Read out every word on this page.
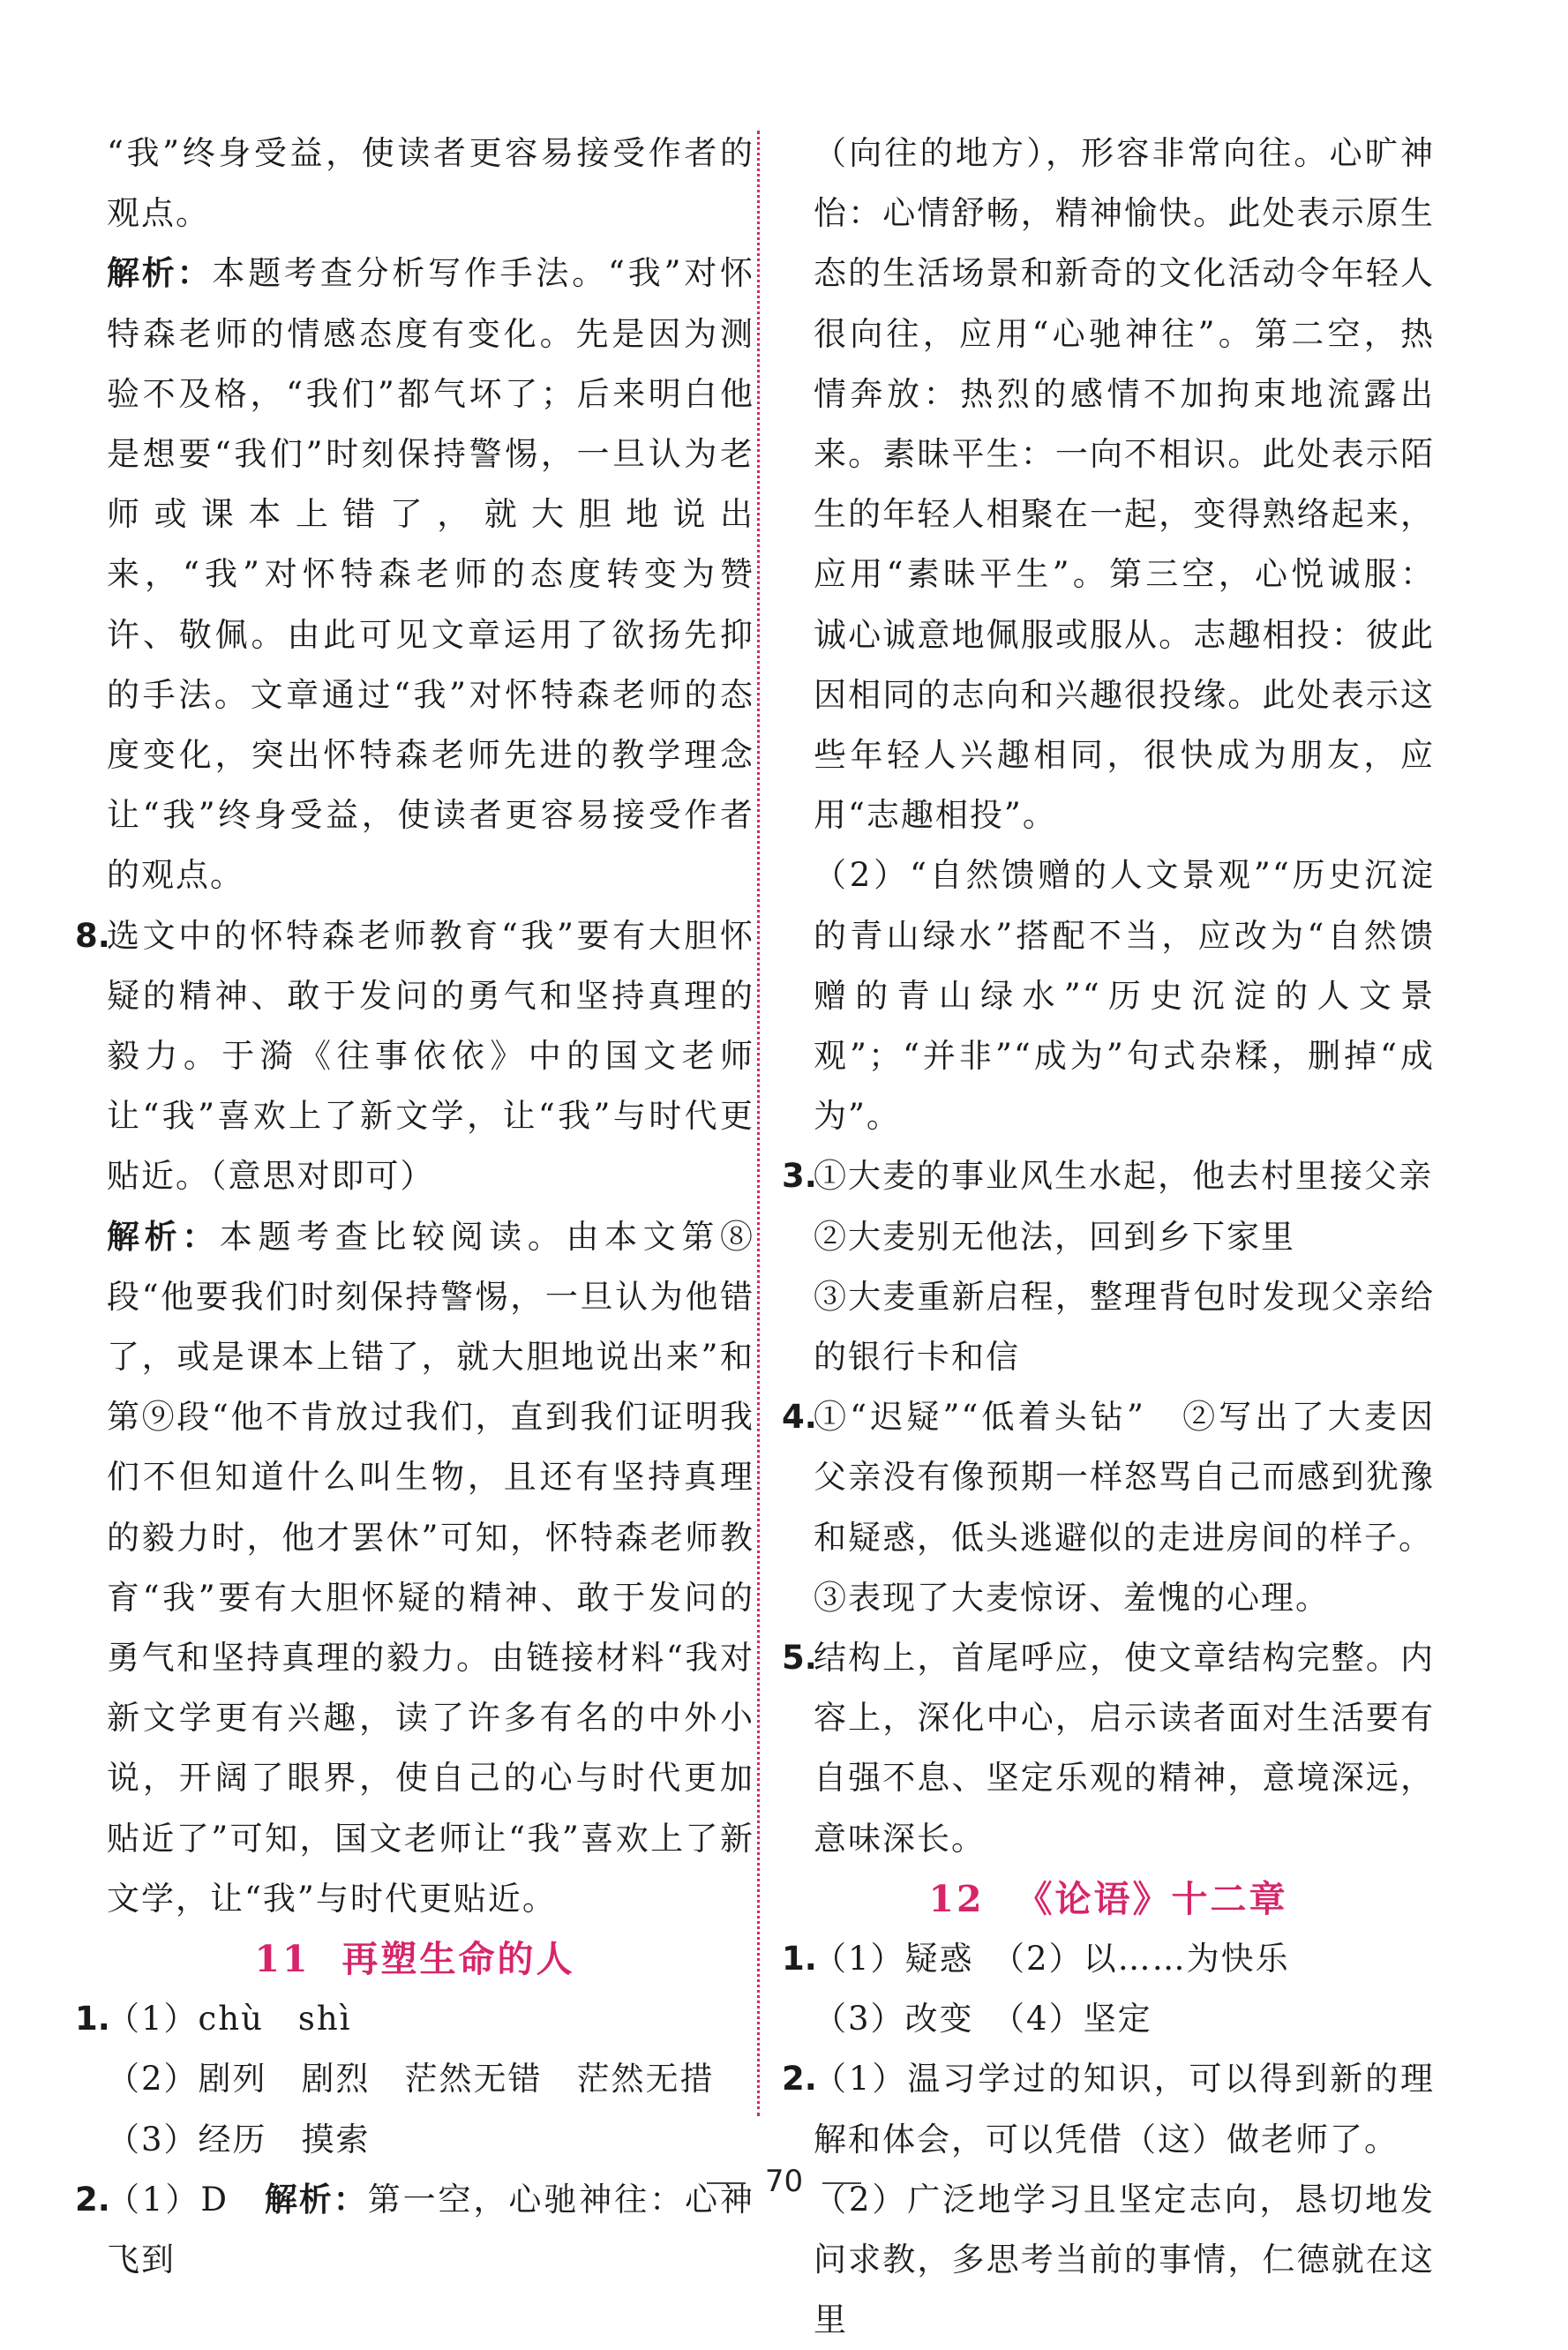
“我”终身受益，使读者更容易接受作者的观点。

解析：本题考查分析写作手法。“我”对怀特森老师的情感态度有变化。先是因为测验不及格，“我们”都气坏了；后来明白他是想要“我们”时刻保持警惕，一旦认为老师或课本上错了，就大胆地说出来，“我”对怀特森老师的态度转变为赞许、敬佩。由此可见文章运用了欲扬先抑的手法。文章通过“我”对怀特森老师的态度变化，突出怀特森老师先进的教学理念让“我”终身受益，使读者更容易接受作者的观点。

8.
选文中的怀特森老师教育“我”要有大胆怀疑的精神、敢于发问的勇气和坚持真理的毅力。于漪《往事依依》中的国文老师让“我”喜欢上了新文学，让“我”与时代更贴近。（意思对即可）

解析：本题考查比较阅读。由本文第⑧段“他要我们时刻保持警惕，一旦认为他错了，或是课本上错了，就大胆地说出来”和第⑨段“他不肯放过我们，直到我们证明我们不但知道什么叫生物，且还有坚持真理的毅力时，他才罢休”可知，怀特森老师教育“我”要有大胆怀疑的精神、敢于发问的勇气和坚持真理的毅力。由链接材料“我对新文学更有兴趣，读了许多有名的中外小说，开阔了眼界，使自己的心与时代更加贴近了”可知，国文老师让“我”喜欢上了新文学，让“我”与时代更贴近。

11 再塑生命的人
1.
（1）chù　shì
（2）剧列　剧烈　茫然无错　茫然无措
（3）经历　摸索
2.
（1）D　解析：第一空，心驰神往：心神飞到

（向往的地方），形容非常向往。心旷神怡：心情舒畅，精神愉快。此处表示原生态的生活场景和新奇的文化活动令年轻人很向往，应用“心驰神往”。第二空，热情奔放：热烈的感情不加拘束地流露出来。素昧平生：一向不相识。此处表示陌生的年轻人相聚在一起，变得熟络起来，应用“素昧平生”。第三空，心悦诚服：诚心诚意地佩服或服从。志趣相投：彼此因相同的志向和兴趣很投缘。此处表示这些年轻人兴趣相同，很快成为朋友，应用“志趣相投”。

（2）“自然馈赠的人文景观”“历史沉淀的青山绿水”搭配不当，应改为“自然馈赠的青山绿水”“历史沉淀的人文景观”；“并非”“成为”句式杂糅，删掉“成为”。

3.
①大麦的事业风生水起，他去村里接父亲
②大麦别无他法，回到乡下家里
③大麦重新启程，整理背包时发现父亲给的银行卡和信
4.
①“迟疑”“低着头钻” ②写出了大麦因父亲没有像预期一样怒骂自己而感到犹豫和疑惑，低头逃避似的走进房间的样子。
③表现了大麦惊讶、羞愧的心理。
5.
结构上，首尾呼应，使文章结构完整。内容上，深化中心，启示读者面对生活要有自强不息、坚定乐观的精神，意境深远，意味深长。
12 《论语》十二章
1.
（1）疑惑　（2）以……为快乐
（3）改变　（4）坚定
2.
（1）温习学过的知识，可以得到新的理解和体会，可以凭借（这）做老师了。
（2）广泛地学习且坚定志向，恳切地发问求教，多思考当前的事情，仁德就在这里
70
